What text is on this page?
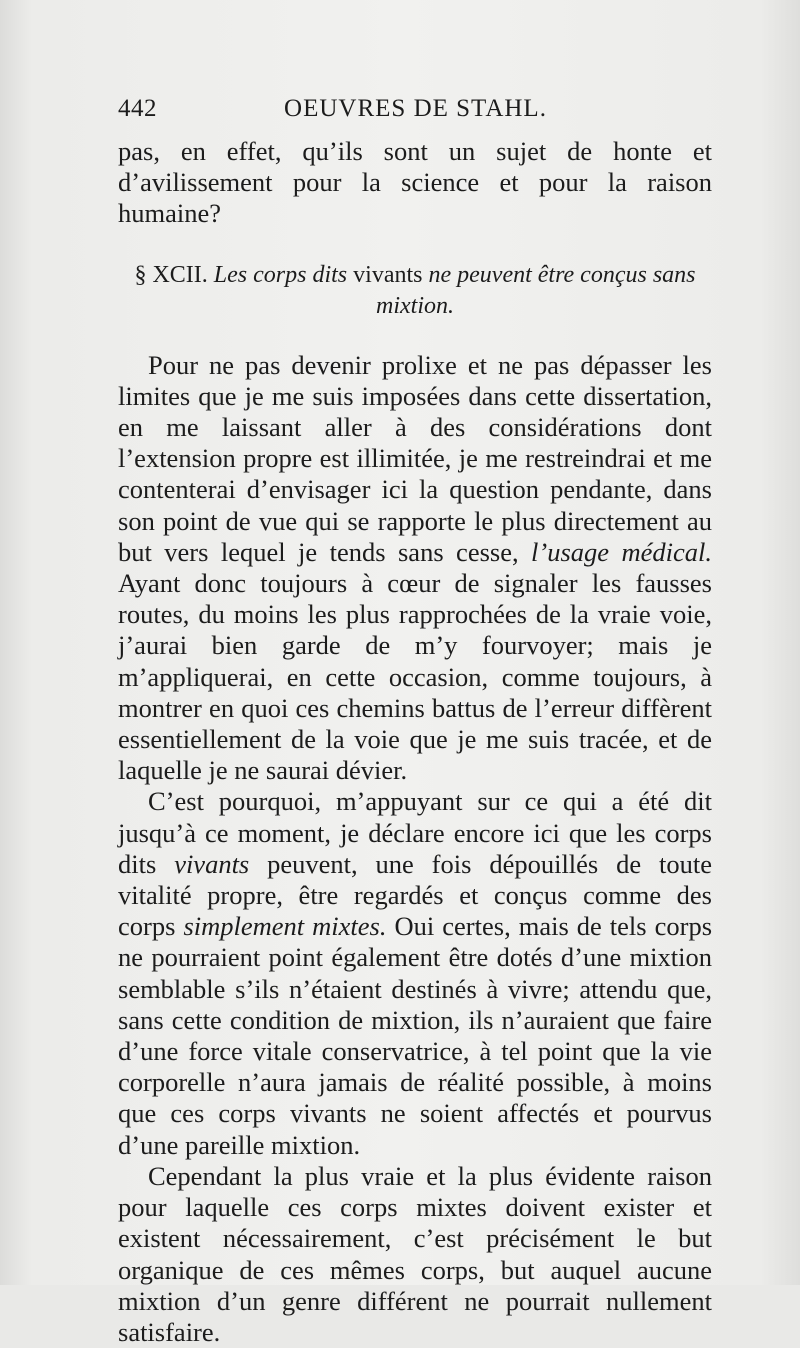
442	OEUVRES DE STAHL.

pas, en effet, qu’ils sont un sujet de honte et d’avilissement pour la science et pour la raison humaine?

§ XCII. Les corps dits vivants ne peuvent être conçus sans mixtion.

Pour ne pas devenir prolixe et ne pas dépasser les limites que je me suis imposées dans cette dissertation, en me laissant aller à des considérations dont l’extension propre est illimitée, je me restreindrai et me contenterai d’envisager ici la question pendante, dans son point de vue qui se rapporte le plus directement au but vers lequel je tends sans cesse, l’usage médical. Ayant donc toujours à cœur de signaler les fausses routes, du moins les plus rapprochées de la vraie voie, j’aurai bien garde de m’y fourvoyer; mais je m’appliquerai, en cette occasion, comme toujours, à montrer en quoi ces chemins battus de l’erreur diffèrent essentiellement de la voie que je me suis tracée, et de laquelle je ne saurai dévier.

C’est pourquoi, m’appuyant sur ce qui a été dit jusqu’à ce moment, je déclare encore ici que les corps dits vivants peuvent, une fois dépouillés de toute vitalité propre, être regardés et conçus comme des corps simplement mixtes. Oui certes, mais de tels corps ne pourraient point également être dotés d’une mixtion semblable s’ils n’étaient destinés à vivre; attendu que, sans cette condition de mixtion, ils n’auraient que faire d’une force vitale conservatrice, à tel point que la vie corporelle n’aura jamais de réalité possible, à moins que ces corps vivants ne soient affectés et pourvus d’une pareille mixtion.

Cependant la plus vraie et la plus évidente raison pour laquelle ces corps mixtes doivent exister et existent nécessairement, c’est précisément le but organique de ces mêmes corps, but auquel aucune mixtion d’un genre différent ne pourrait nullement satisfaire.
